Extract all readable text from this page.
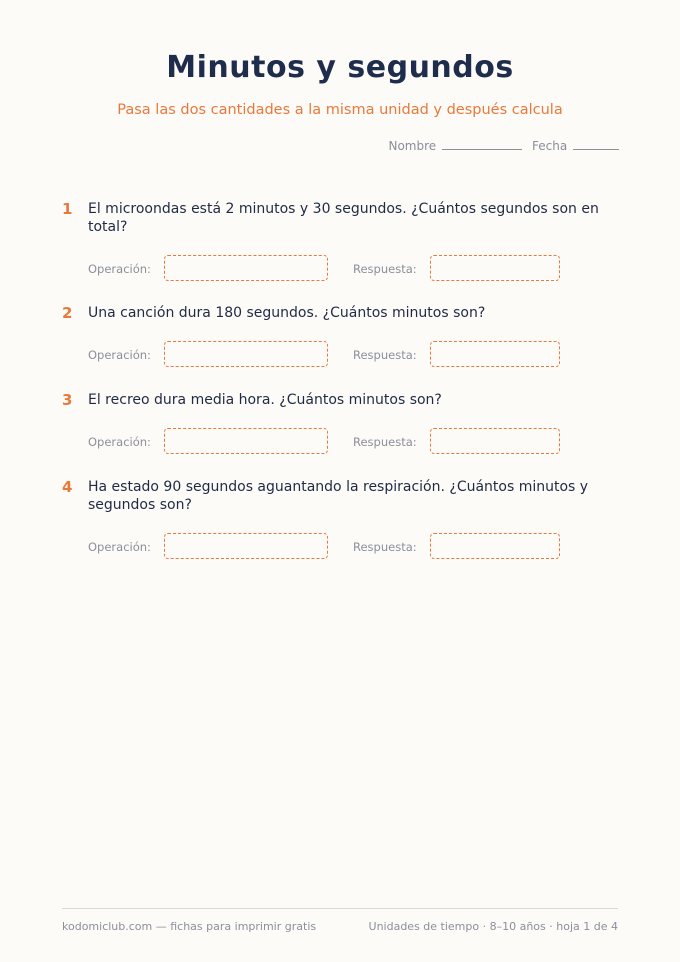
Minutos y segundos
Pasa las dos cantidades a la misma unidad y después calcula
Nombre	Fecha
1 El microondas está 2 minutos y 30 segundos. ¿Cuántos segundos son en total?
Operación:	Respuesta:
2 Una canción dura 180 segundos. ¿Cuántos minutos son?
Operación:	Respuesta:
3 El recreo dura media hora. ¿Cuántos minutos son?
Operación:	Respuesta:
4 Ha estado 90 segundos aguantando la respiración. ¿Cuántos minutos y segundos son?
Operación:	Respuesta:
kodomiclub.com — fichas para imprimir gratis	Unidades de tiempo · 8–10 años · hoja 1 de 4
